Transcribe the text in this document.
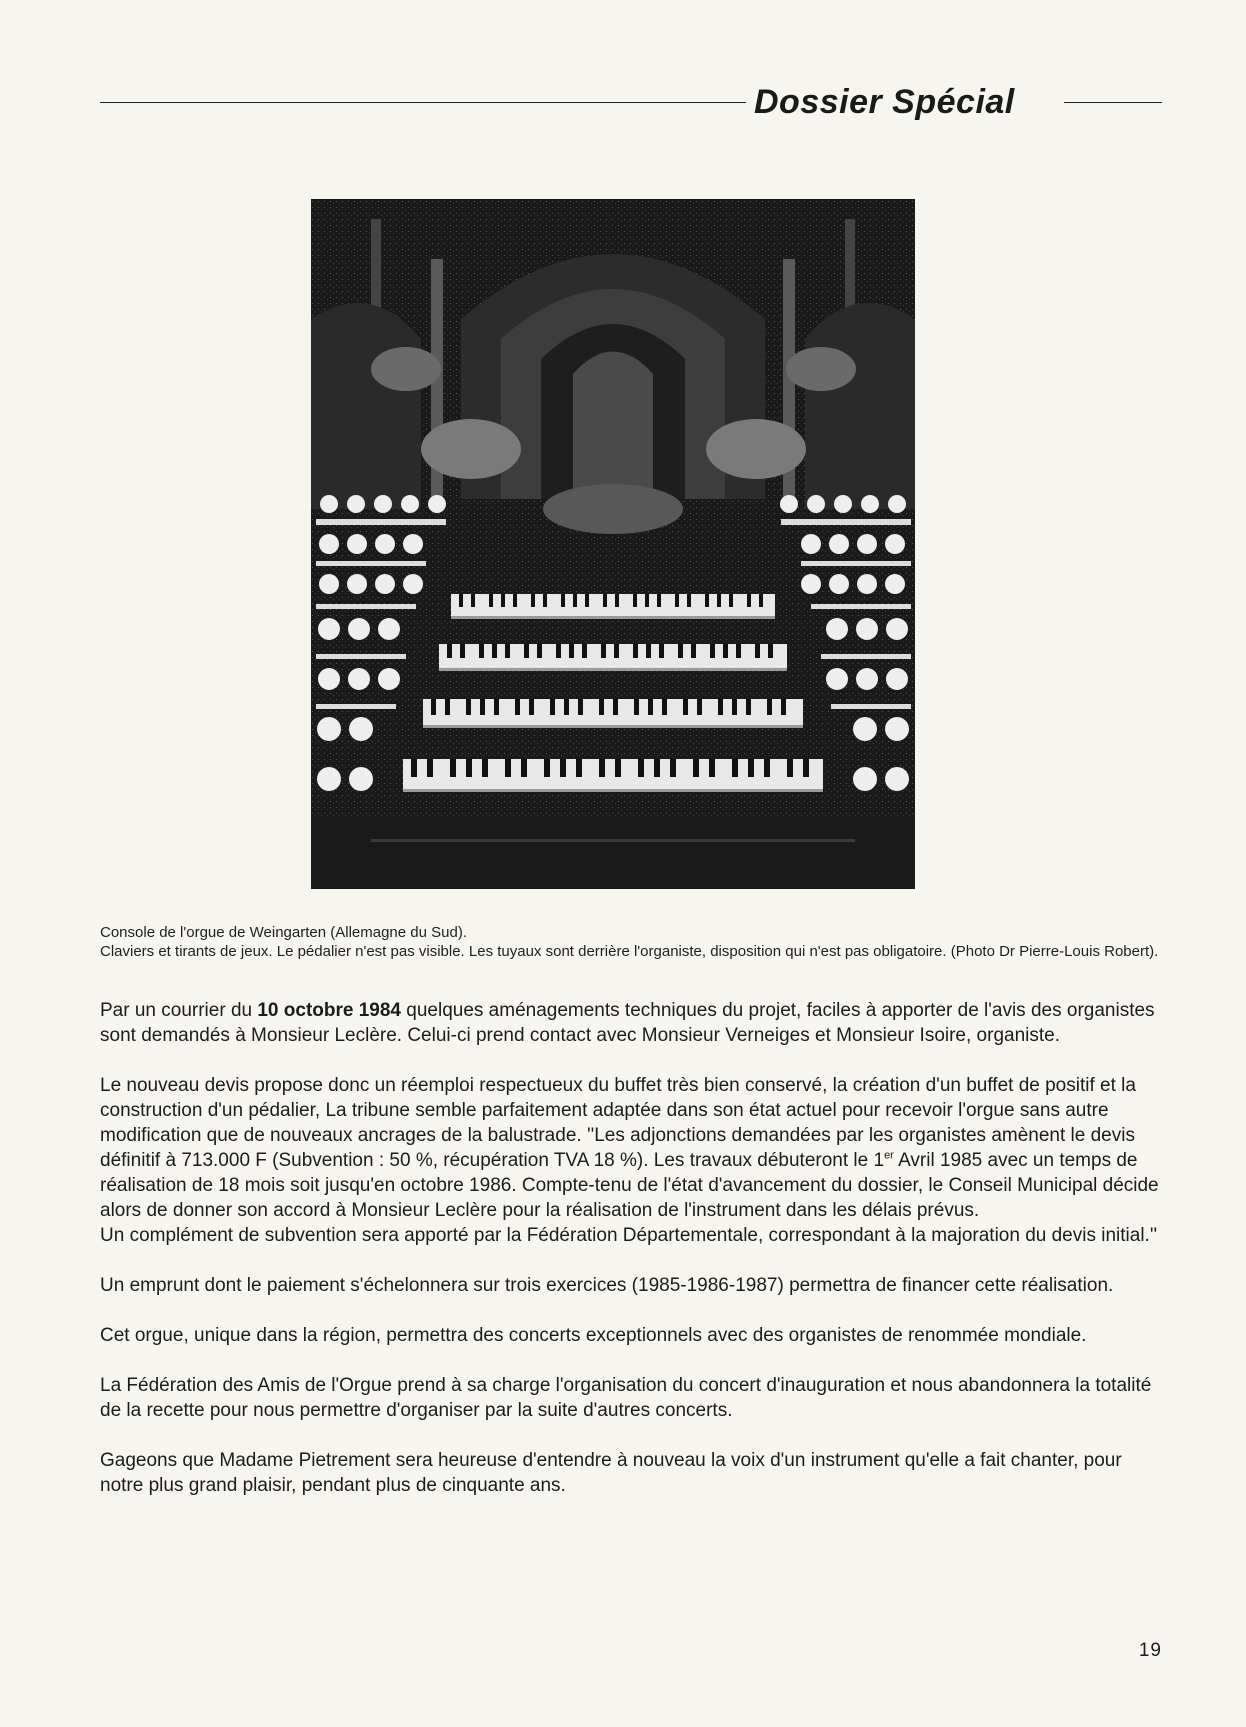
Dossier Spécial

Console de l'orgue de Weingarten (Allemagne du Sud).

Claviers et tirants de jeux. Le pédalier n'est pas visible. Les tuyaux sont derrière l'organiste, disposition qui n'est pas obligatoire. (Photo Dr Pierre-Louis Robert).

Par un courrier du 10 octobre 1984 quelques aménagements techniques du projet, faciles à apporter de l'avis des organistes sont demandés à Monsieur Leclère. Celui-ci prend contact avec Monsieur Verneiges et Monsieur Isoire, organiste.

Le nouveau devis propose donc un réemploi respectueux du buffet très bien conservé, la création d'un buffet de positif et la construction d'un pédalier, La tribune semble parfaitement adaptée dans son état actuel pour recevoir l'orgue sans autre modification que de nouveaux ancrages de la balustrade. ''Les adjonctions demandées par les organistes amènent le devis définitif à 713.000 F (Subvention : 50 %, récupération TVA 18 %). Les travaux débuteront le 1er Avril 1985 avec un temps de réalisation de 18 mois soit jusqu'en octobre 1986. Compte-tenu de l'état d'avancement du dossier, le Conseil Municipal décide alors de donner son accord à Monsieur Leclère pour la réalisation de l'instrument dans les délais prévus.

Un complément de subvention sera apporté par la Fédération Départementale, correspondant à la majoration du devis initial.''

Un emprunt dont le paiement s'échelonnera sur trois exercices (1985-1986-1987) permettra de financer cette réalisation.

Cet orgue, unique dans la région, permettra des concerts exceptionnels avec des organistes de renommée mondiale.

La Fédération des Amis de l'Orgue prend à sa charge l'organisation du concert d'inauguration et nous abandonnera la totalité de la recette pour nous permettre d'organiser par la suite d'autres concerts.

Gageons que Madame Pietrement sera heureuse d'entendre à nouveau la voix d'un instrument qu'elle a fait chanter, pour notre plus grand plaisir, pendant plus de cinquante ans.

19
